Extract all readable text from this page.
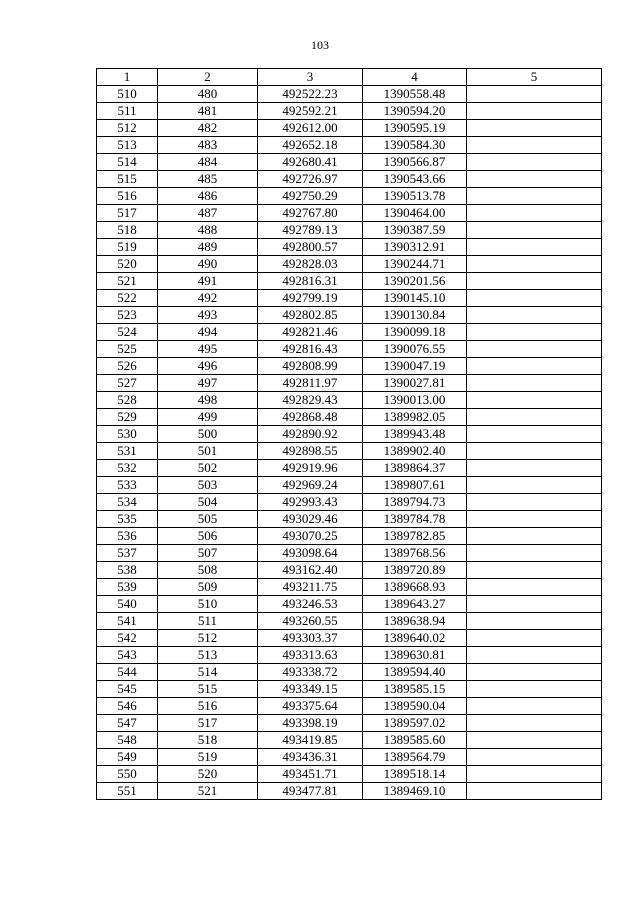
103
1	2	3	4	5
510	480	492522.23	1390558.48	
511	481	492592.21	1390594.20	
512	482	492612.00	1390595.19	
513	483	492652.18	1390584.30	
514	484	492680.41	1390566.87	
515	485	492726.97	1390543.66	
516	486	492750.29	1390513.78	
517	487	492767.80	1390464.00	
518	488	492789.13	1390387.59	
519	489	492800.57	1390312.91	
520	490	492828.03	1390244.71	
521	491	492816.31	1390201.56	
522	492	492799.19	1390145.10	
523	493	492802.85	1390130.84	
524	494	492821.46	1390099.18	
525	495	492816.43	1390076.55	
526	496	492808.99	1390047.19	
527	497	492811.97	1390027.81	
528	498	492829.43	1390013.00	
529	499	492868.48	1389982.05	
530	500	492890.92	1389943.48	
531	501	492898.55	1389902.40	
532	502	492919.96	1389864.37	
533	503	492969.24	1389807.61	
534	504	492993.43	1389794.73	
535	505	493029.46	1389784.78	
536	506	493070.25	1389782.85	
537	507	493098.64	1389768.56	
538	508	493162.40	1389720.89	
539	509	493211.75	1389668.93	
540	510	493246.53	1389643.27	
541	511	493260.55	1389638.94	
542	512	493303.37	1389640.02	
543	513	493313.63	1389630.81	
544	514	493338.72	1389594.40	
545	515	493349.15	1389585.15	
546	516	493375.64	1389590.04	
547	517	493398.19	1389597.02	
548	518	493419.85	1389585.60	
549	519	493436.31	1389564.79	
550	520	493451.71	1389518.14	
551	521	493477.81	1389469.10	
